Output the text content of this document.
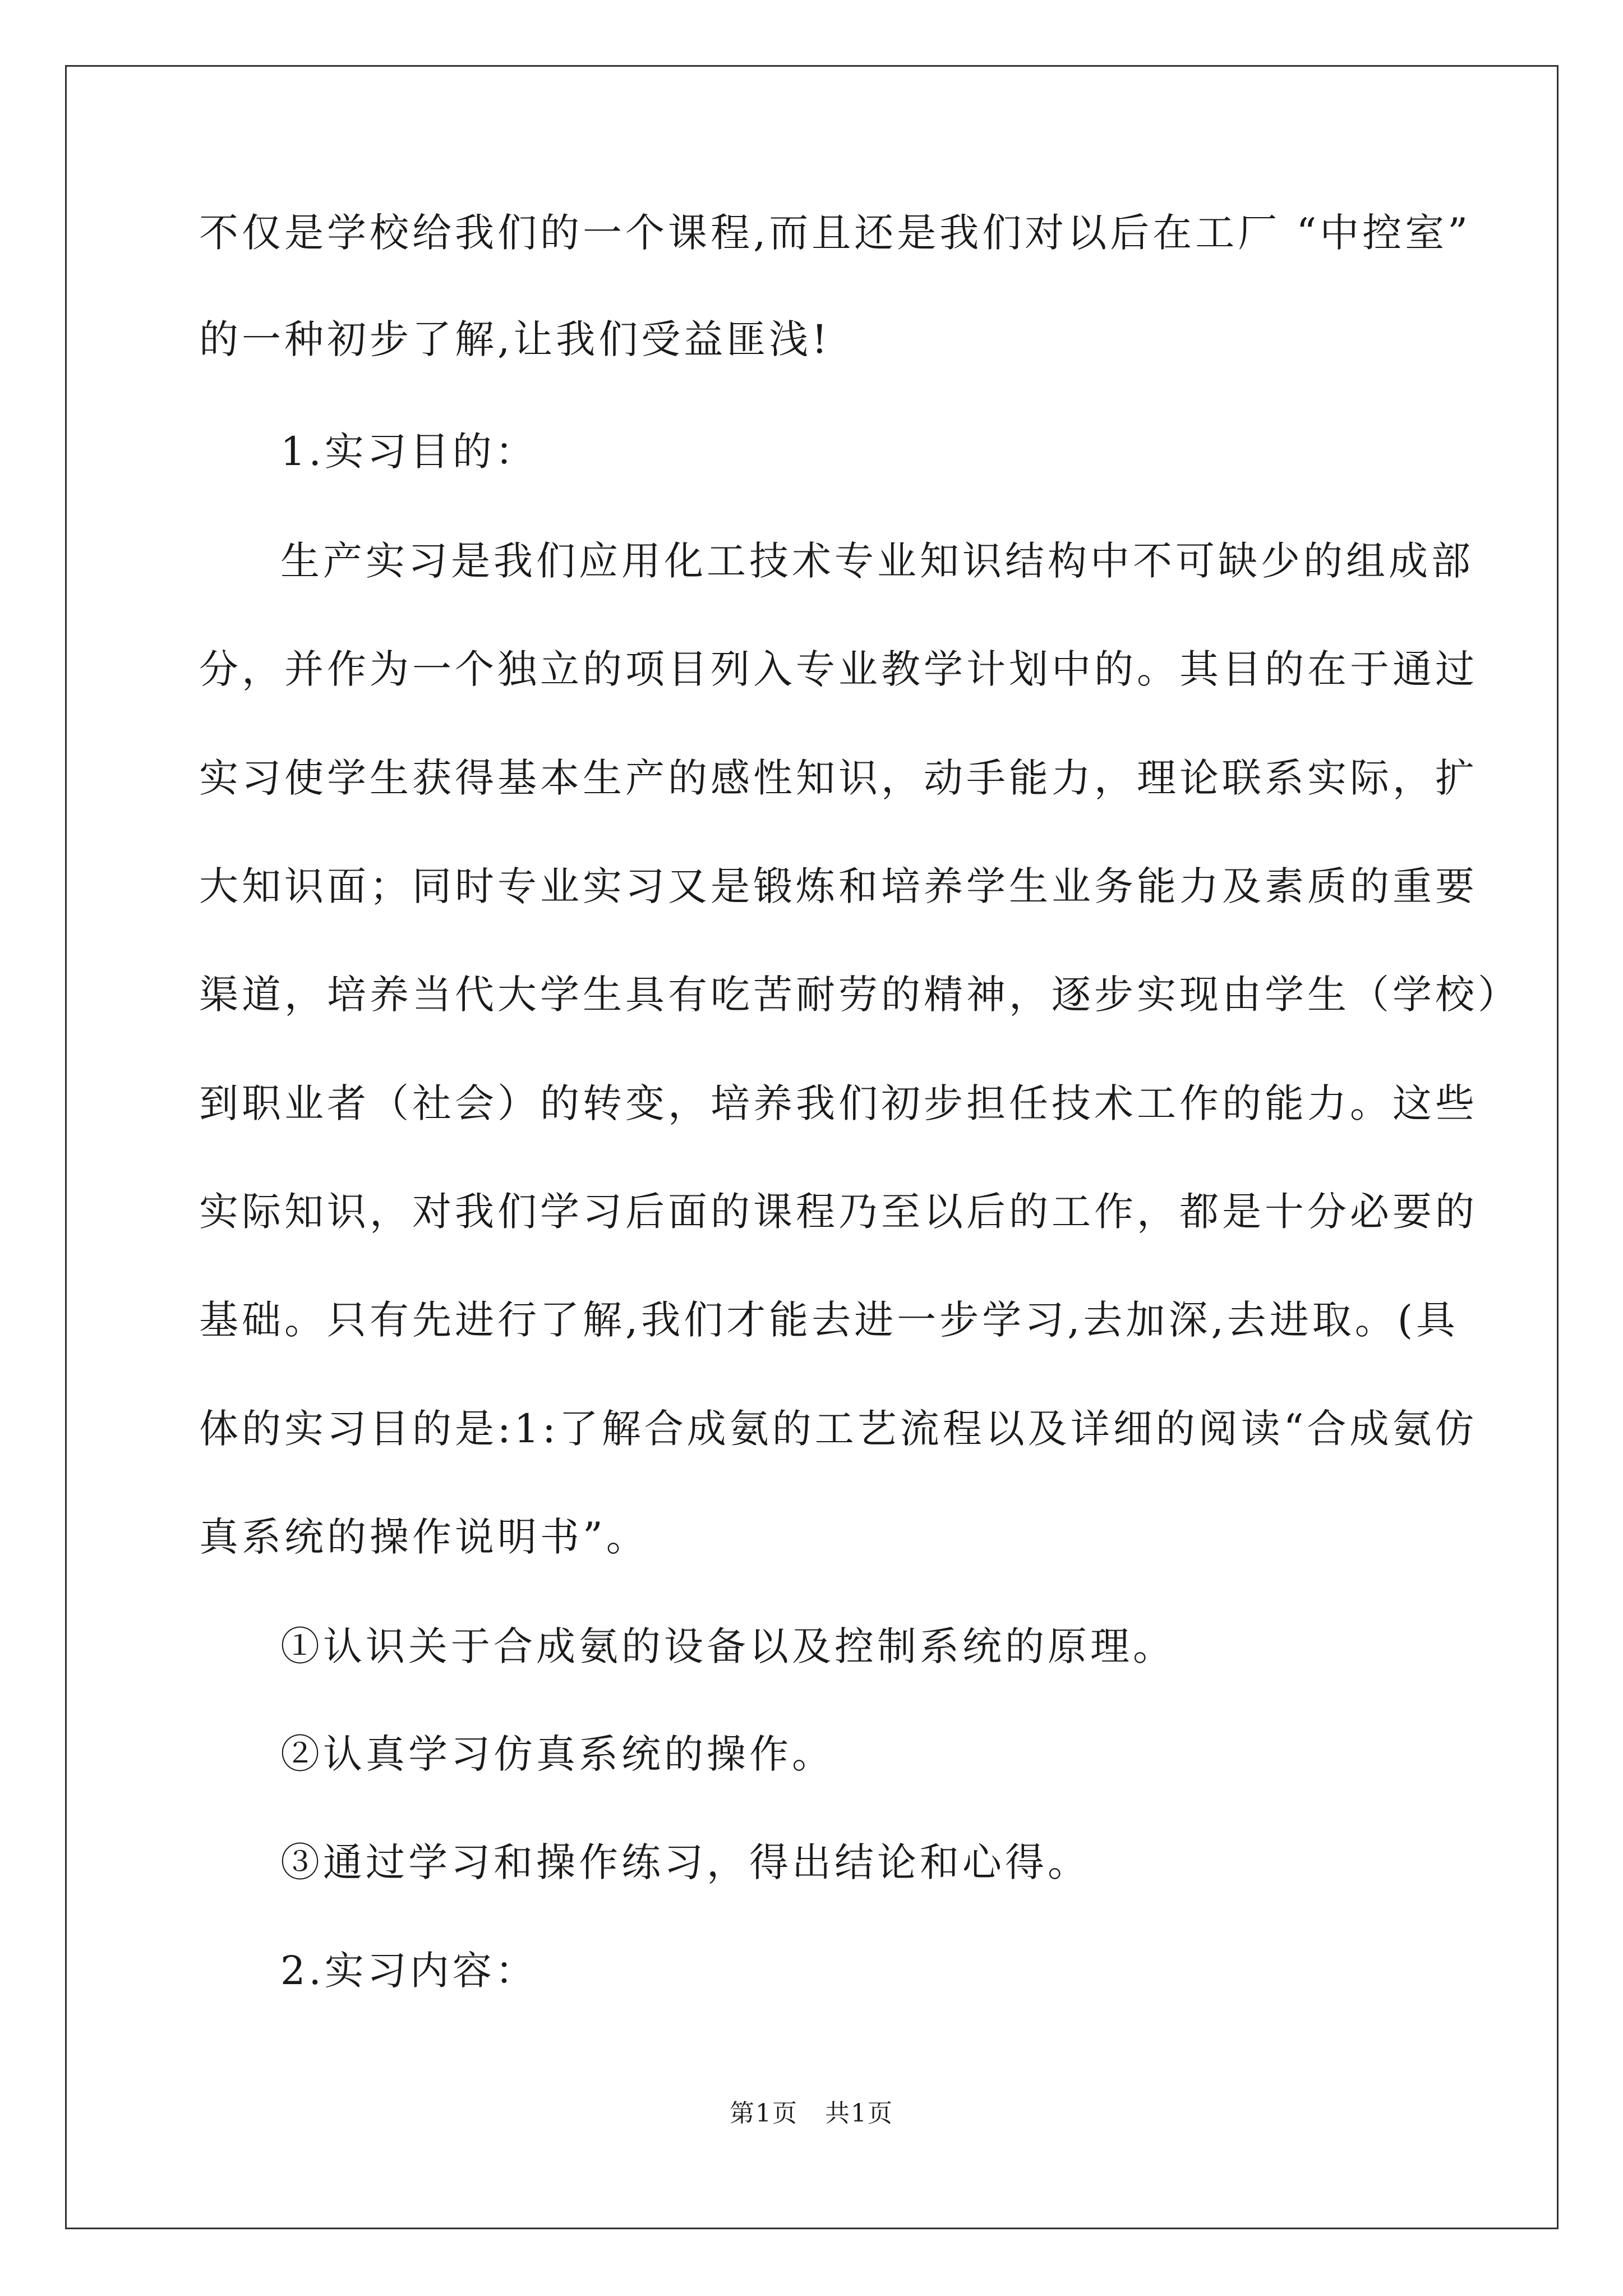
不仅是学校给我们的一个课程,而且还是我们对以后在工厂 “中控室”
的一种初步了解,让我们受益匪浅!
1.实习目的：
生产实习是我们应用化工技术专业知识结构中不可缺少的组成部
分，并作为一个独立的项目列入专业教学计划中的。其目的在于通过
实习使学生获得基本生产的感性知识，动手能力，理论联系实际，扩
大知识面；同时专业实习又是锻炼和培养学生业务能力及素质的重要
渠道，培养当代大学生具有吃苦耐劳的精神，逐步实现由学生（学校）
到职业者（社会）的转变，培养我们初步担任技术工作的能力。这些
实际知识，对我们学习后面的课程乃至以后的工作，都是十分必要的
基础。只有先进行了解,我们才能去进一步学习,去加深,去进取。(具
体的实习目的是:1:了解合成氨的工艺流程以及详细的阅读“合成氨仿
真系统的操作说明书”。
①认识关于合成氨的设备以及控制系统的原理。
②认真学习仿真系统的操作。
③通过学习和操作练习，得出结论和心得。
2.实习内容：
第1页   共1页
